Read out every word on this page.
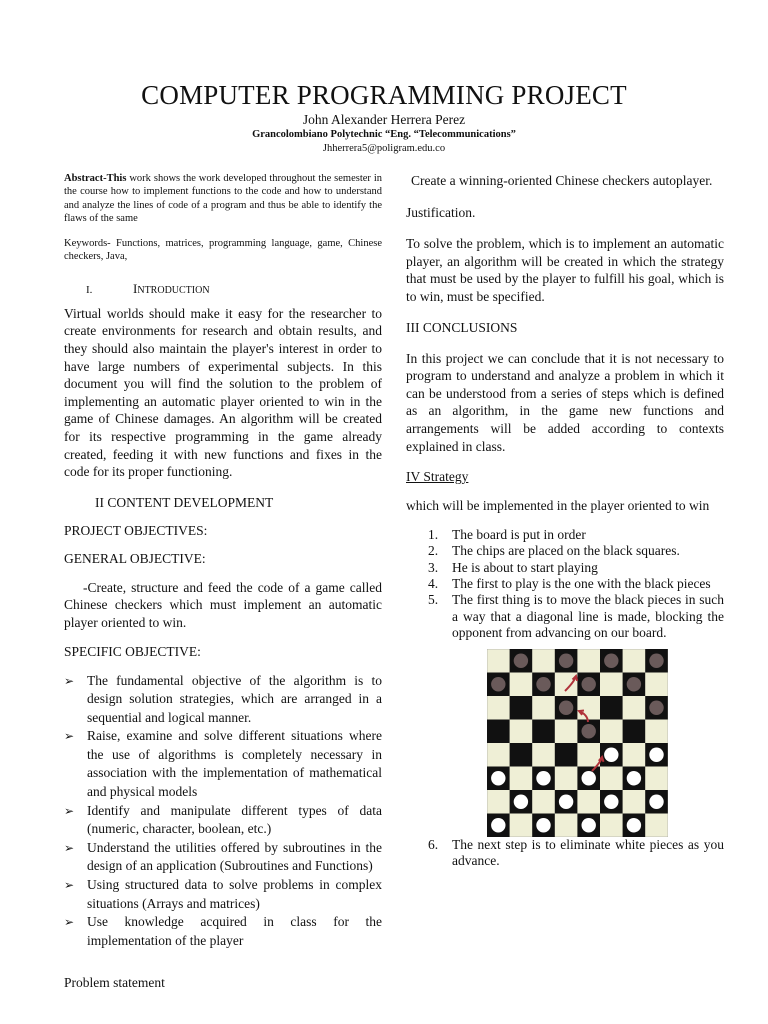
COMPUTER PROGRAMMING PROJECT
John Alexander Herrera Perez
Grancolombiano Polytechnic “Eng. “Telecommunications”
Jhherrera5@poligram.edu.co

Abstract-This work shows the work developed throughout the semester in the course how to implement functions to the code and how to understand and analyze the lines of code of a program and thus be able to identify the flaws of the same

Keywords- Functions, matrices, programming language, game, Chinese checkers, Java,

I.	INTRODUCTION

Virtual worlds should make it easy for the researcher to create environments for research and obtain results, and they should also maintain the player's interest in order to have large numbers of experimental subjects. In this document you will find the solution to the problem of implementing an automatic player oriented to win in the game of Chinese damages. An algorithm will be created for its respective programming in the game already created, feeding it with new functions and fixes in the code for its proper functioning.

II CONTENT DEVELOPMENT
PROJECT OBJECTIVES:
GENERAL OBJECTIVE:

-Create, structure and feed the code of a game called Chinese checkers which must implement an automatic player oriented to win.

SPECIFIC OBJECTIVE:
➢ The fundamental objective of the algorithm is to design solution strategies, which are arranged in a sequential and logical manner.
➢ Raise, examine and solve different situations where the use of algorithms is completely necessary in association with the implementation of mathematical and physical models
➢ Identify and manipulate different types of data (numeric, character, boolean, etc.)
➢ Understand the utilities offered by subroutines in the design of an application (Subroutines and Functions)
➢ Using structured data to solve problems in complex situations (Arrays and matrices)
➢ Use knowledge acquired in class for the implementation of the player
Problem statement

Create a winning-oriented Chinese checkers autoplayer.

Justification.

To solve the problem, which is to implement an automatic player, an algorithm will be created in which the strategy that must be used by the player to fulfill his goal, which is to win, must be specified.

III CONCLUSIONS

In this project we can conclude that it is not necessary to program to understand and analyze a problem in which it can be understood from a series of steps which is defined as an algorithm, in the game new functions and arrangements will be added according to contexts explained in class.

IV Strategy

which will be implemented in the player oriented to win

1. The board is put in order
2. The chips are placed on the black squares.
3. He is about to start playing
4. The first to play is the one with the black pieces
5. The first thing is to move the black pieces in such a way that a diagonal line is made, blocking the opponent from advancing on our board.
6. The next step is to eliminate white pieces as you advance.
